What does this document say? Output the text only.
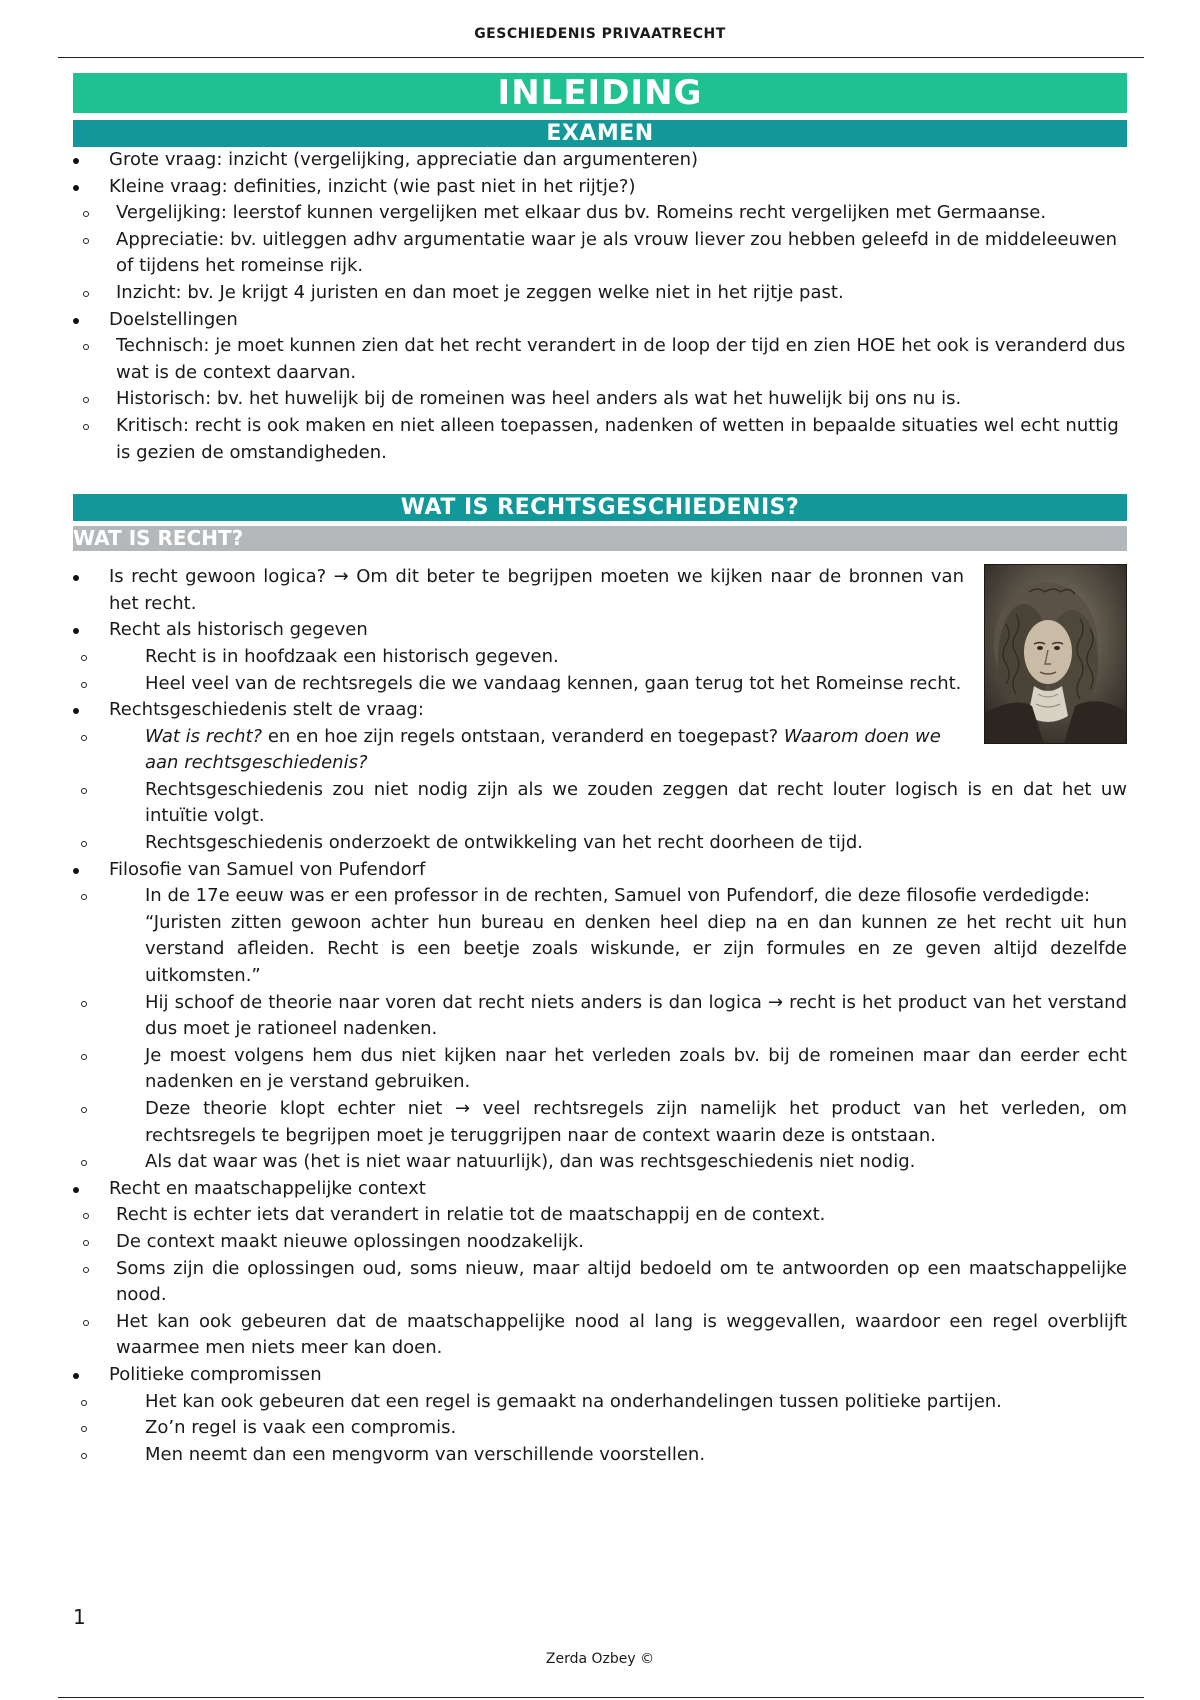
GESCHIEDENIS PRIVAATRECHT
INLEIDING
EXAMEN
Grote vraag: inzicht (vergelijking, appreciatie dan argumenteren)
Kleine vraag: definities, inzicht (wie past niet in het rijtje?)
Vergelijking: leerstof kunnen vergelijken met elkaar dus bv. Romeins recht vergelijken met Germaanse.
Appreciatie: bv. uitleggen adhv argumentatie waar je als vrouw liever zou hebben geleefd in de middeleeuwen of tijdens het romeinse rijk.
Inzicht: bv. Je krijgt 4 juristen en dan moet je zeggen welke niet in het rijtje past.
Doelstellingen
Technisch: je moet kunnen zien dat het recht verandert in de loop der tijd en zien HOE het ook is veranderd dus wat is de context daarvan.
Historisch: bv. het huwelijk bij de romeinen was heel anders als wat het huwelijk bij ons nu is.
Kritisch: recht is ook maken en niet alleen toepassen, nadenken of wetten in bepaalde situaties wel echt nuttig is gezien de omstandigheden.
WAT IS RECHTSGESCHIEDENIS?
WAT IS RECHT?
Is recht gewoon logica? → Om dit beter te begrijpen moeten we kijken naar de bronnen van het recht.
Recht als historisch gegeven
Recht is in hoofdzaak een historisch gegeven.
Heel veel van de rechtsregels die we vandaag kennen, gaan terug tot het Romeinse recht.
Rechtsgeschiedenis stelt de vraag:
Wat is recht? en en hoe zijn regels ontstaan, veranderd en toegepast? Waarom doen we aan rechtsgeschiedenis?
Rechtsgeschiedenis zou niet nodig zijn als we zouden zeggen dat recht louter logisch is en dat het uw intuïtie volgt.
Rechtsgeschiedenis onderzoekt de ontwikkeling van het recht doorheen de tijd.
Filosofie van Samuel von Pufendorf
In de 17e eeuw was er een professor in de rechten, Samuel von Pufendorf, die deze filosofie verdedigde:
“Juristen zitten gewoon achter hun bureau en denken heel diep na en dan kunnen ze het recht uit hun verstand afleiden. Recht is een beetje zoals wiskunde, er zijn formules en ze geven altijd dezelfde uitkomsten.”
Hij schoof de theorie naar voren dat recht niets anders is dan logica → recht is het product van het verstand dus moet je rationeel nadenken.
Je moest volgens hem dus niet kijken naar het verleden zoals bv. bij de romeinen maar dan eerder echt nadenken en je verstand gebruiken.
Deze theorie klopt echter niet → veel rechtsregels zijn namelijk het product van het verleden, om rechtsregels te begrijpen moet je teruggrijpen naar de context waarin deze is ontstaan.
Als dat waar was (het is niet waar natuurlijk), dan was rechtsgeschiedenis niet nodig.
Recht en maatschappelijke context
Recht is echter iets dat verandert in relatie tot de maatschappij en de context.
De context maakt nieuwe oplossingen noodzakelijk.
Soms zijn die oplossingen oud, soms nieuw, maar altijd bedoeld om te antwoorden op een maatschappelijke nood.
Het kan ook gebeuren dat de maatschappelijke nood al lang is weggevallen, waardoor een regel overblijft waarmee men niets meer kan doen.
Politieke compromissen
Het kan ook gebeuren dat een regel is gemaakt na onderhandelingen tussen politieke partijen.
Zo’n regel is vaak een compromis.
Men neemt dan een mengvorm van verschillende voorstellen.
1
Zerda Ozbey ©
